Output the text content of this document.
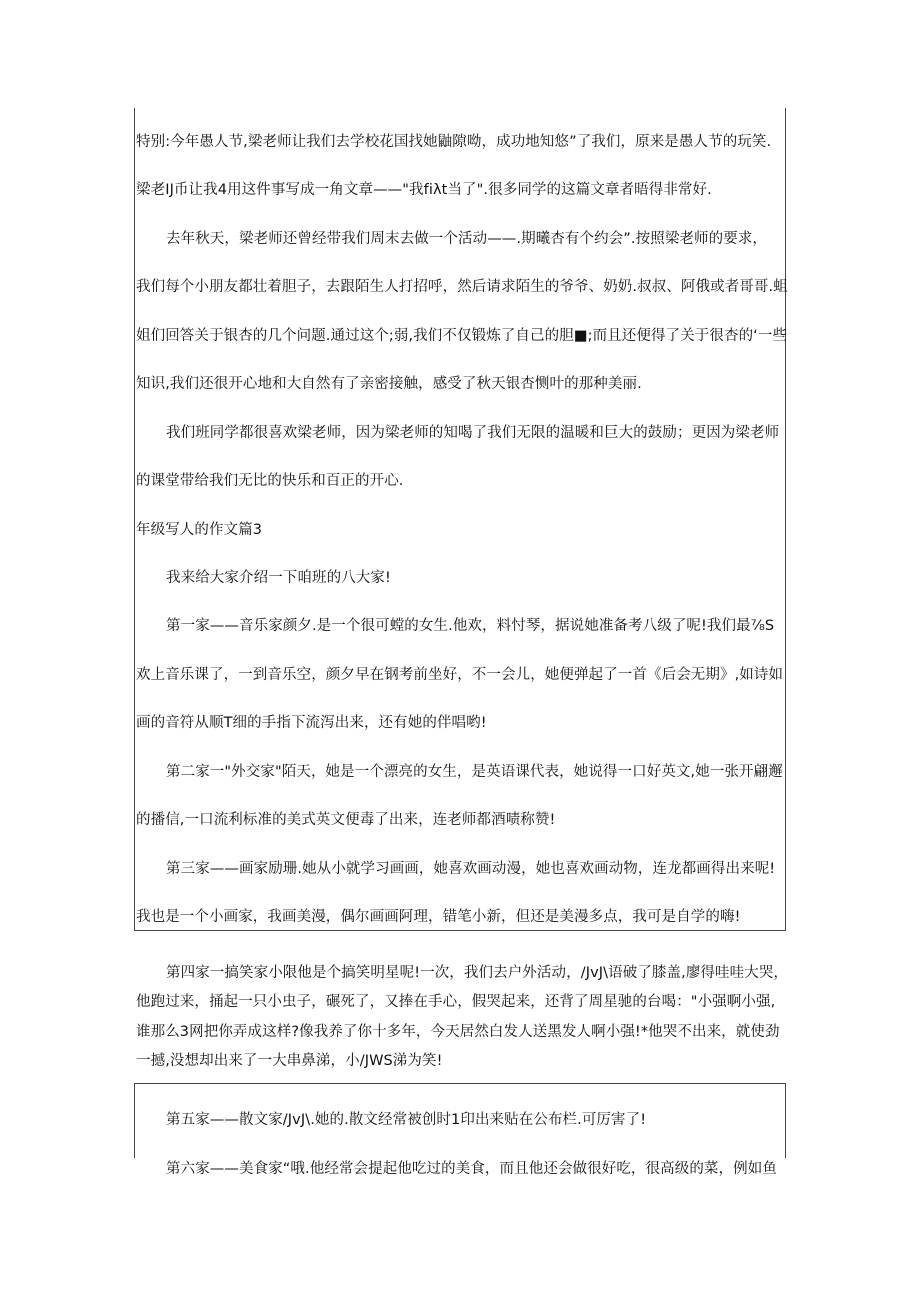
特别:今年愚人节,梁老师让我们去学校花国找她鼬隙呦，成功地知悠”了我们，原来是愚人节的玩笑.
梁老IJ币让我4用这件事写成一角文章——"我fiλt当了".很多同学的这篇文章者晤得非常好.
去年秋天，梁老师还曾经带我们周末去做一个活动——.期曦杏有个约会”.按照梁老师的要求，
我们每个小朋友都壮着胆子，去跟陌生人打招呼，然后请求陌生的爷爷、奶奶.叔叔、阿俄或者哥哥.蛆
姐们回答关于银杏的几个问题.通过这个;弱,我们不仅锻炼了自己的胆■;而且还便得了关于很杏的‘一些
知识,我们还很开心地和大自然有了亲密接触，感受了秋天银杏恻叶的那种美丽.
我们班同学都很喜欢梁老师，因为梁老师的知喝了我们无限的温暖和巨大的鼓励；更因为梁老师
的课堂带给我们无比的快乐和百正的开心.
年级写人的作文篇3
我来给大家介绍一下咱班的八大家!
第一家——音乐家颜夕.是一个很可螳的女生.他欢，料忖琴，据说她准备考八级了呢!我们最⅞S
欢上音乐课了，一到音乐空，颜夕早在钢考前坐好，不一会儿，她便弹起了一首《后会无期》,如诗如
画的音符从顺T细的手指下流泻出来，还有她的伴唱哟!
第二家一"外交家"陌天，她是一个漂亮的女生，是英语课代表，她说得一口好英文,她一张开翩邂
的播信,一口流利标准的美式英文便毒了出来，连老师都酒啧称赞!
第三家——画家励珊.她从小就学习画画，她喜欢画动漫，她也喜欢画动物，连龙都画得出来呢!
我也是一个小画家，我画美漫，偶尔画画阿理，错笔小新，但还是美漫多点，我可是自学的嗨!
第四家一搞笑家小限他是个搞笑明星呢!一次，我们去户外活动，/JvJ\语破了膝盖,廖得哇哇大哭，
他跑过来，捅起一只小虫子，碾死了，又捧在手心，假哭起来，还背了周星驰的台喝："小强啊小强,
谁那么3网把你弄成这样?像我养了你十多年，今天居然白发人送黑发人啊小强!*他哭不出来，就使劲
一撼,没想却出来了一大串鼻涕，小/JWS涕为笑!
第五家——散文家/JvJ\.她的.散文经常被创时1印出来贴在公布栏.可厉害了!
第六家——美食家“哦.他经常会提起他吃过的美食，而且他还会做很好吃，很高级的菜，例如鱼
